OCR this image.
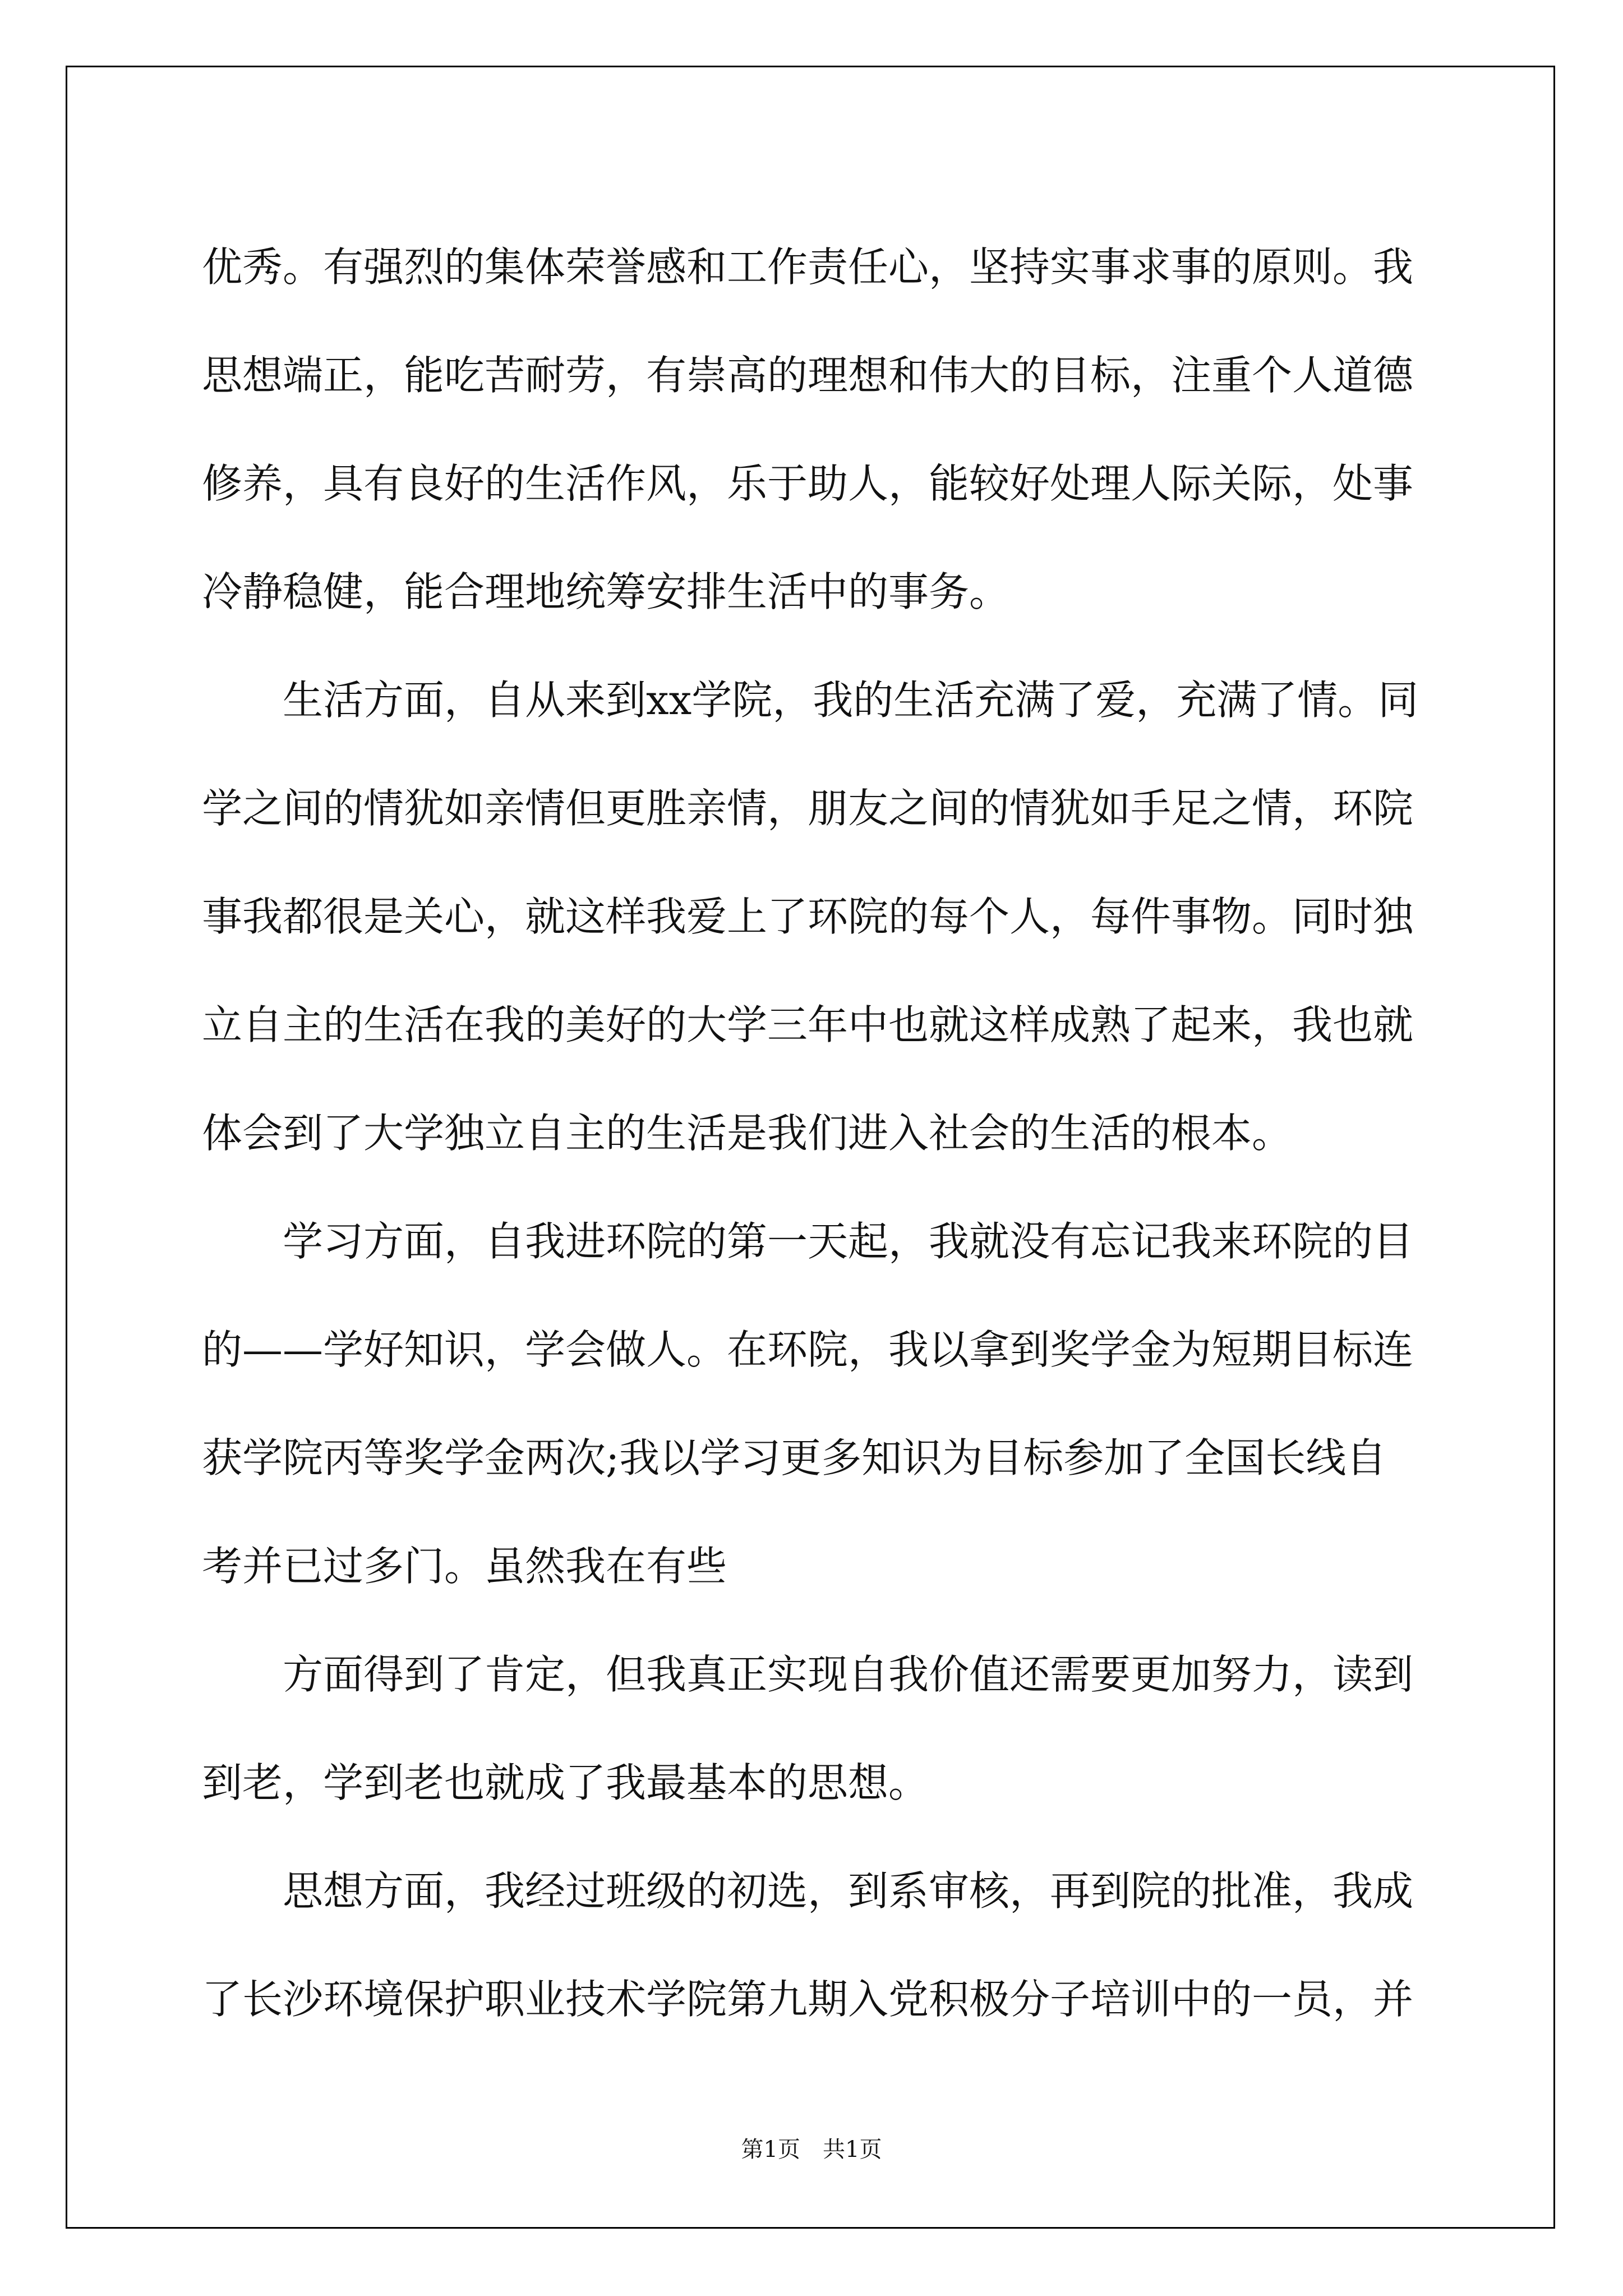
优秀。有强烈的集体荣誉感和工作责任心，坚持实事求事的原则。我

思想端正，能吃苦耐劳，有崇高的理想和伟大的目标，注重个人道德

修养，具有良好的生活作风，乐于助人，能较好处理人际关际，处事

冷静稳健，能合理地统筹安排生活中的事务。

　　生活方面，自从来到xx学院，我的生活充满了爱，充满了情。同

学之间的情犹如亲情但更胜亲情，朋友之间的情犹如手足之情，环院

事我都很是关心，就这样我爱上了环院的每个人，每件事物。同时独

立自主的生活在我的美好的大学三年中也就这样成熟了起来，我也就

体会到了大学独立自主的生活是我们进入社会的生活的根本。

　　学习方面，自我进环院的第一天起，我就没有忘记我来环院的目

的——学好知识，学会做人。在环院，我以拿到奖学金为短期目标连

获学院丙等奖学金两次;我以学习更多知识为目标参加了全国长线自

考并已过多门。虽然我在有些

　　方面得到了肯定，但我真正实现自我价值还需要更加努力，读到

到老，学到老也就成了我最基本的思想。

　　思想方面，我经过班级的初选，到系审核，再到院的批准，我成

了长沙环境保护职业技术学院第九期入党积极分子培训中的一员，并

第1页　共1页
